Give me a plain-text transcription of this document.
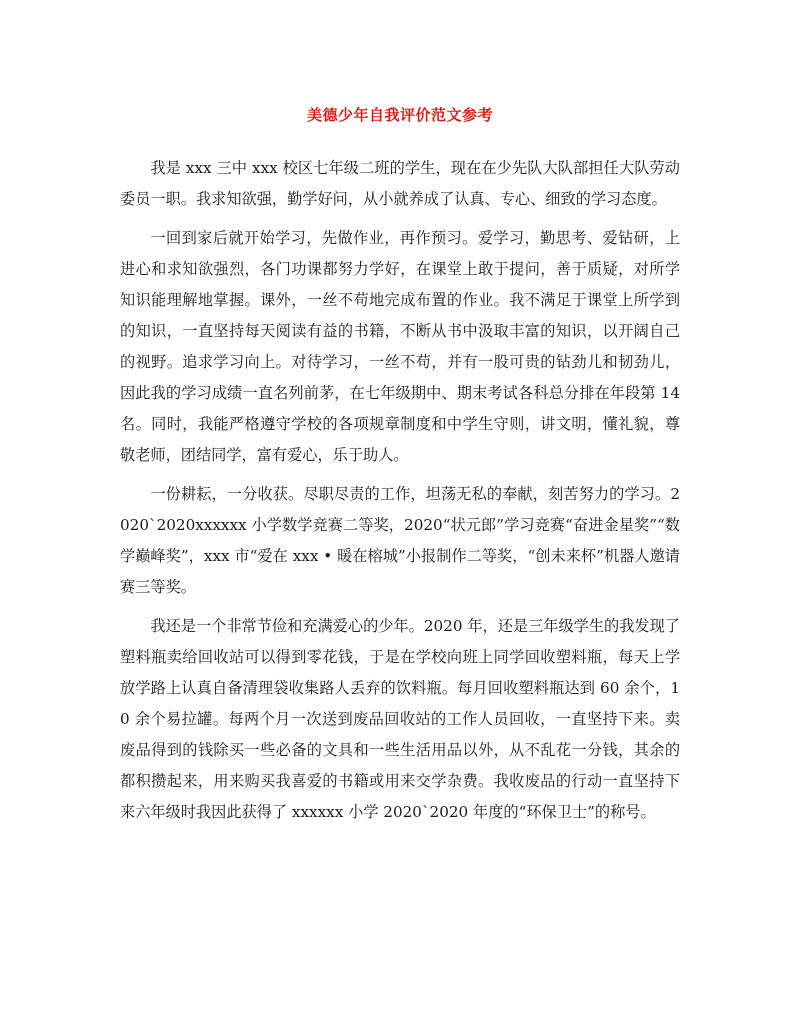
美德少年自我评价范文参考

我是 xxx 三中 xxx 校区七年级二班的学生，现在在少先队大队部担任大队劳动委员一职。我求知欲强，勤学好问，从小就养成了认真、专心、细致的学习态度。

一回到家后就开始学习，先做作业，再作预习。爱学习，勤思考、爱钻研，上进心和求知欲强烈，各门功课都努力学好，在课堂上敢于提问，善于质疑，对所学知识能理解地掌握。课外，一丝不苟地完成布置的作业。我不满足于课堂上所学到的知识，一直坚持每天阅读有益的书籍，不断从书中汲取丰富的知识，以开阔自己的视野。追求学习向上。对待学习，一丝不苟，并有一股可贵的钻劲儿和韧劲儿，因此我的学习成绩一直名列前茅，在七年级期中、期末考试各科总分排在年段第 14 名。同时，我能严格遵守学校的各项规章制度和中学生守则，讲文明，懂礼貌，尊敬老师，团结同学，富有爱心，乐于助人。

一份耕耘，一分收获。尽职尽责的工作，坦荡无私的奉献，刻苦努力的学习。2020`2020xxxxxx 小学数学竞赛二等奖，2020“状元郎”学习竞赛“奋进金星奖”“数学巅峰奖”，xxx 市“爱在 xxx • 暖在榕城”小报制作二等奖，“创未来杯”机器人邀请赛三等奖。

我还是一个非常节俭和充满爱心的少年。2020 年，还是三年级学生的我发现了塑料瓶卖给回收站可以得到零花钱，于是在学校向班上同学回收塑料瓶，每天上学放学路上认真自备清理袋收集路人丢弃的饮料瓶。每月回收塑料瓶达到 60 余个，10 余个易拉罐。每两个月一次送到废品回收站的工作人员回收，一直坚持下来。卖废品得到的钱除买一些必备的文具和一些生活用品以外，从不乱花一分钱，其余的都积攒起来，用来购买我喜爱的书籍或用来交学杂费。我收废品的行动一直坚持下来六年级时我因此获得了 xxxxxx 小学 2020`2020 年度的“环保卫士”的称号。
